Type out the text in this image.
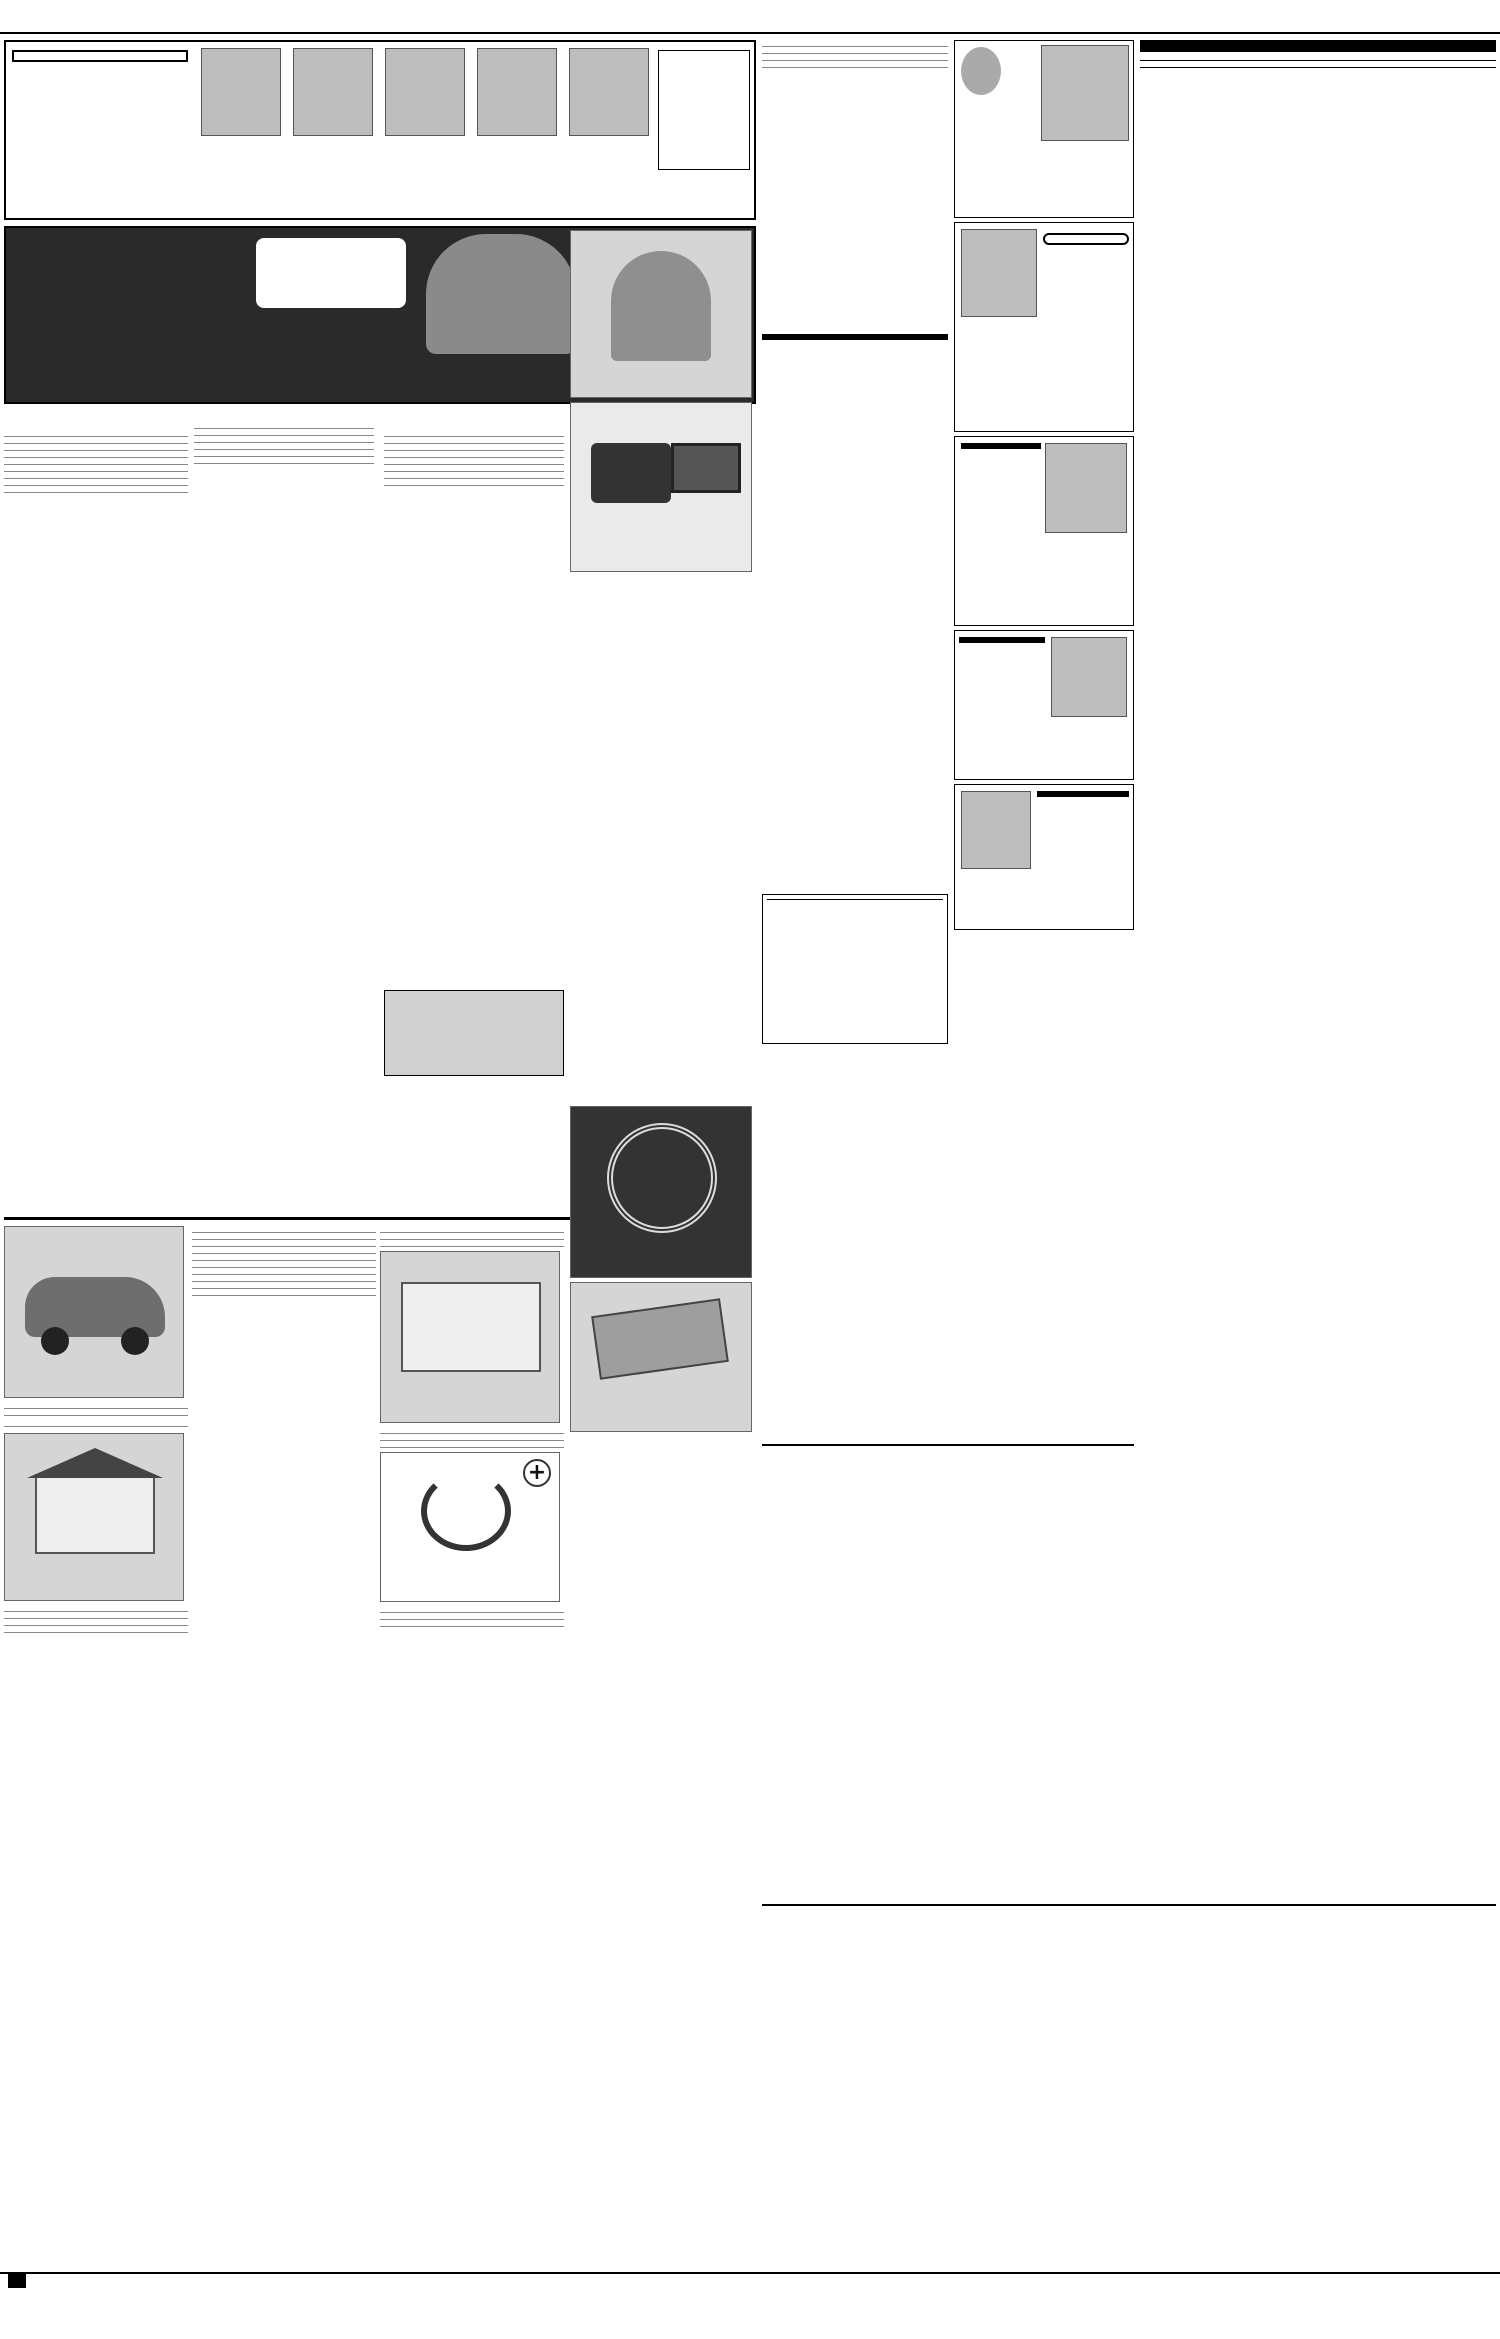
+
